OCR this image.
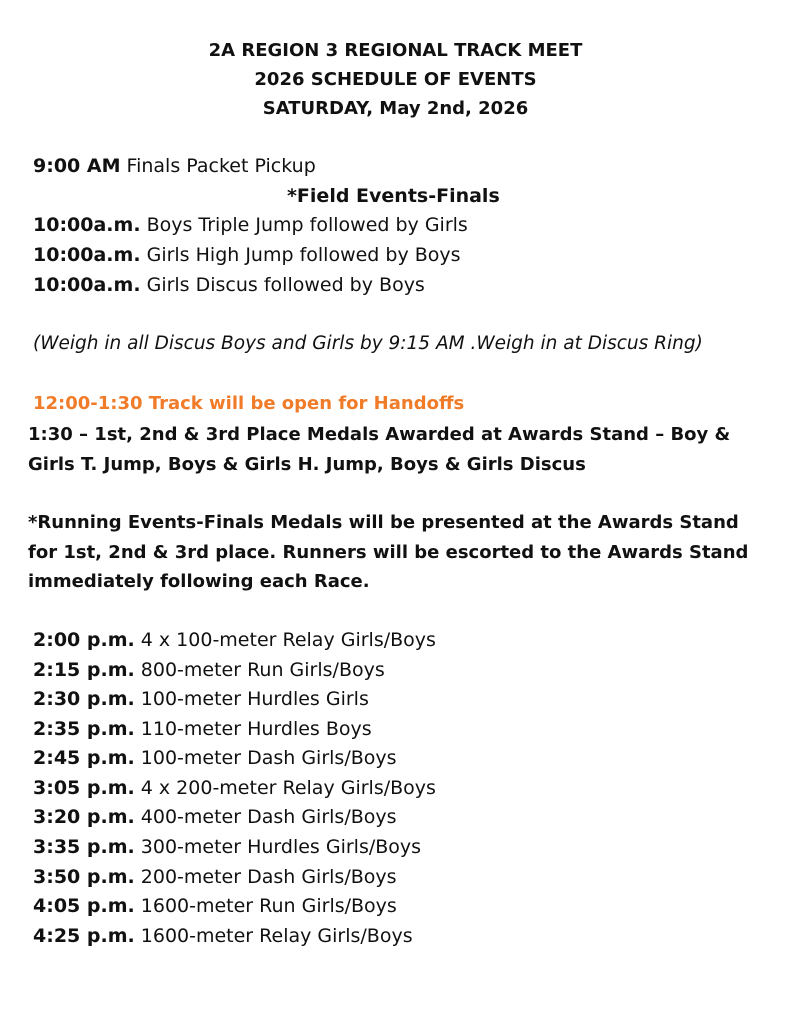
2A REGION 3 REGIONAL TRACK MEET
2026 SCHEDULE OF EVENTS
SATURDAY, May 2nd, 2026
9:00 AM Finals Packet Pickup
*Field Events-Finals
10:00a.m. Boys Triple Jump followed by Girls
10:00a.m. Girls High Jump followed by Boys
10:00a.m. Girls Discus followed by Boys
(Weigh in all Discus Boys and Girls by 9:15 AM .Weigh in at Discus Ring)
12:00-1:30 Track will be open for Handoffs
1:30 – 1st, 2nd & 3rd Place Medals Awarded at Awards Stand – Boy & Girls T. Jump, Boys & Girls H. Jump, Boys & Girls Discus
*Running Events-Finals Medals will be presented at the Awards Stand for 1st, 2nd & 3rd place. Runners will be escorted to the Awards Stand immediately following each Race.
2:00 p.m. 4 x 100-meter Relay Girls/Boys
2:15 p.m. 800-meter Run Girls/Boys
2:30 p.m. 100-meter Hurdles Girls
2:35 p.m. 110-meter Hurdles Boys
2:45 p.m. 100-meter Dash Girls/Boys
3:05 p.m. 4 x 200-meter Relay Girls/Boys
3:20 p.m. 400-meter Dash Girls/Boys
3:35 p.m. 300-meter Hurdles Girls/Boys
3:50 p.m. 200-meter Dash Girls/Boys
4:05 p.m. 1600-meter Run Girls/Boys
4:25 p.m. 1600-meter Relay Girls/Boys
